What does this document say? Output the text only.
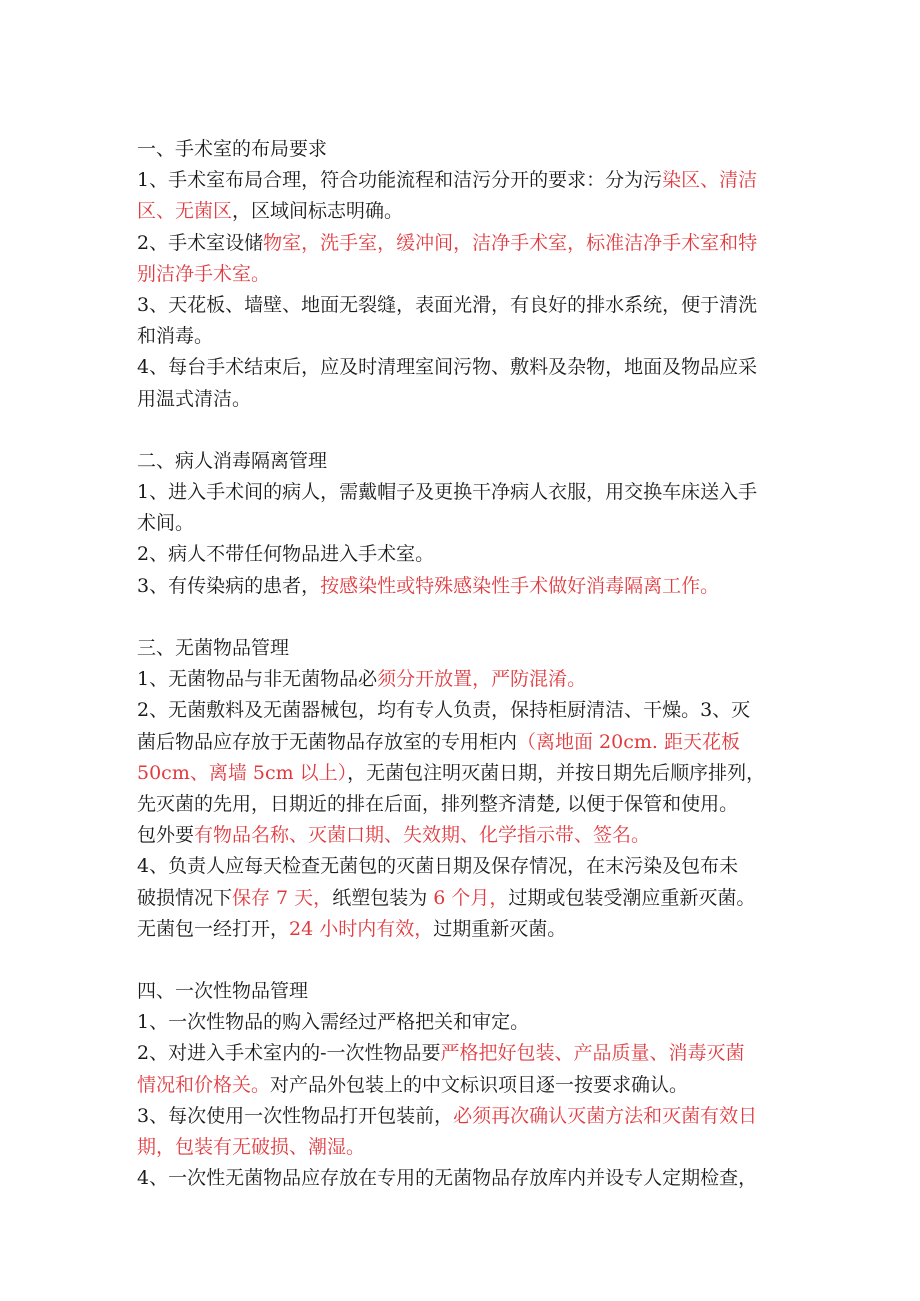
一、手术室的布局要求
1、手术室布局合理，符合功能流程和洁污分开的要求：分为污染区、清洁
区、无菌区，区域间标志明确。
2、手术室设储物室，洗手室，缓冲间，洁净手术室，标准洁净手术室和特
别洁净手术室。
3、天花板、墙壁、地面无裂缝，表面光滑，有良好的排水系统，便于清洗
和消毒。
4、每台手术结束后，应及时清理室间污物、敷料及杂物，地面及物品应采
用温式清洁。
二、病人消毒隔离管理
1、进入手术间的病人，需戴帽子及更换干净病人衣服，用交换车床送入手
术间。
2、病人不带任何物品进入手术室。
3、有传染病的患者，按感染性或特殊感染性手术做好消毒隔离工作。
三、无菌物品管理
1、无菌物品与非无菌物品必须分开放置，严防混淆。
2、无菌敷料及无菌器械包，均有专人负责，保持柜厨清洁、干燥。3、灭
菌后物品应存放于无菌物品存放室的专用柜内（离地面 20cm. 距天花板
50cm、离墙 5cm 以上），无菌包注明灭菌日期，并按日期先后顺序排列，
先灭菌的先用，日期近的排在后面，排列整齐清楚, 以便于保管和使用。
包外要有物品名称、灭菌口期、失效期、化学指示带、签名。
4、负责人应每天检查无菌包的灭菌日期及保存情况，在末污染及包布未
破损情况下保存 7 天，纸塑包装为 6 个月，过期或包装受潮应重新灭菌。
无菌包一经打开，24 小时内有效，过期重新灭菌。
四、一次性物品管理
1、一次性物品的购入需经过严格把关和审定。
2、对进入手术室内的-一次性物品要严格把好包装、产品质量、消毒灭菌
情况和价格关。对产品外包装上的中文标识项目逐一按要求确认。
3、每次使用一次性物品打开包装前，必须再次确认灭菌方法和灭菌有效日
期，包装有无破损、潮湿。
4、一次性无菌物品应存放在专用的无菌物品存放库内并设专人定期检查，
